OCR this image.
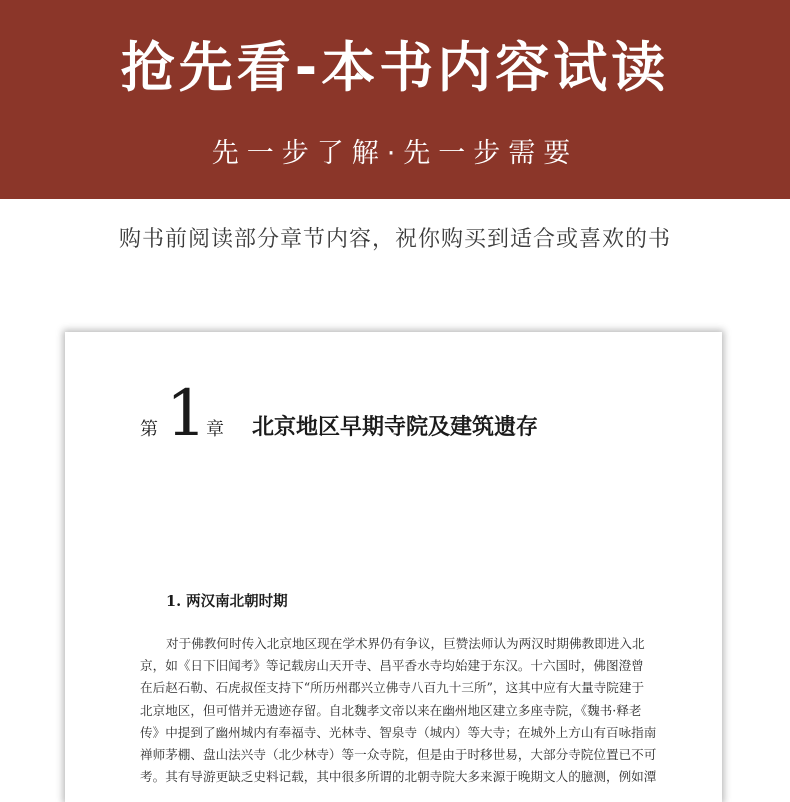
抢先看-本书内容试读
先一步了解·先一步需要
购书前阅读部分章节内容，祝你购买到适合或喜欢的书
第 1 章 北京地区早期寺院及建筑遗存
1. 两汉南北朝时期
对于佛教何时传入北京地区现在学术界仍有争议，巨赞法师认为两汉时期佛教即进入北
京，如《日下旧闻考》等记载房山天开寺、昌平香水寺均始建于东汉。十六国时，佛图澄曾
在后赵石勒、石虎叔侄支持下“所历州郡兴立佛寺八百九十三所”，这其中应有大量寺院建于
北京地区，但可惜并无遗迹存留。自北魏孝文帝以来在幽州地区建立多座寺院，《魏书·释老
传》中提到了幽州城内有奉福寺、光林寺、智泉寺（城内）等大寺；在城外上方山有百咏指南
禅师茅棚、盘山法兴寺（北少林寺）等一众寺院，但是由于时移世易，大部分寺院位置已不可
考。其有导游更缺乏史料记载，其中很多所谓的北朝寺院大多来源于晚期文人的臆测，例如潭
